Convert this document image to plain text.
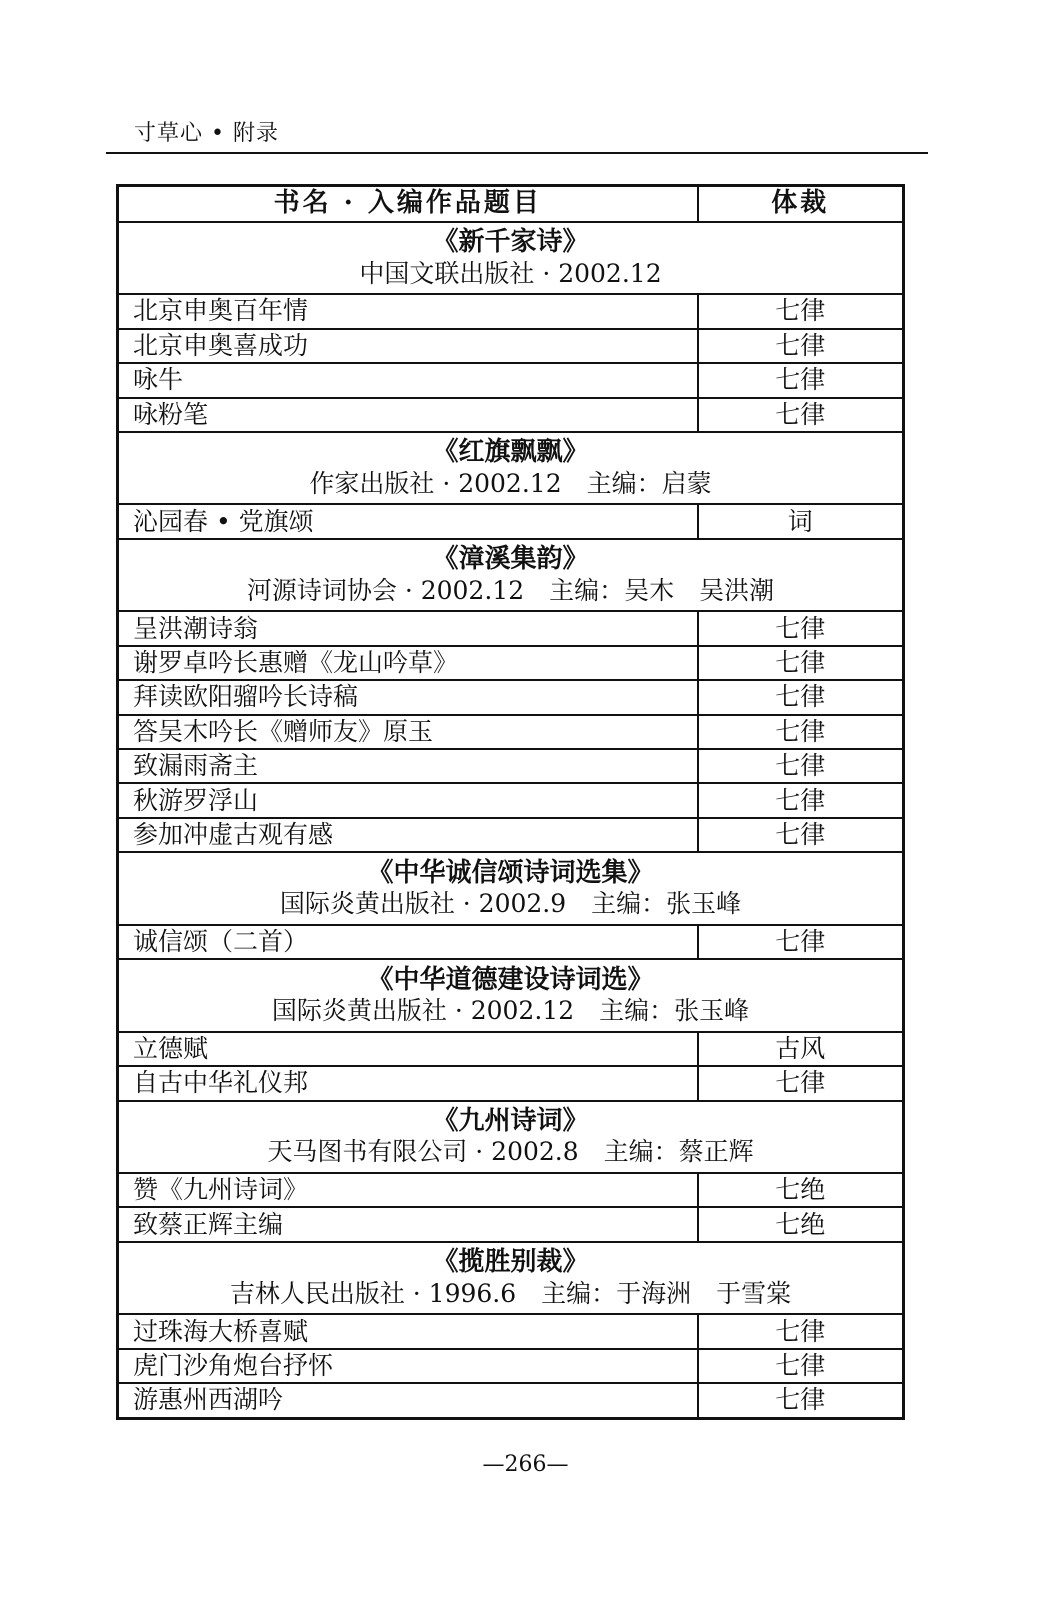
寸草心 • 附录
书名 · 入编作品题目	体裁

《新千家诗》
中国文联出版社 · 2002.12	

北京申奥百年情	七律
北京申奥喜成功	七律
咏牛	七律
咏粉笔	七律

《红旗飘飘》
作家出版社 · 2002.12　主编：启蒙	

沁园春 • 党旗颂	词

《漳溪集韵》
河源诗词协会 · 2002.12　主编：吴木　吴洪潮	

呈洪潮诗翁	七律
谢罗卓吟长惠赠《龙山吟草》	七律
拜读欧阳骝吟长诗稿	七律
答吴木吟长《赠师友》原玉	七律
致漏雨斋主	七律
秋游罗浮山	七律
参加冲虚古观有感	七律

《中华诚信颂诗词选集》
国际炎黄出版社 · 2002.9　主编：张玉峰	

诚信颂（二首）	七律

《中华道德建设诗词选》
国际炎黄出版社 · 2002.12　主编：张玉峰	

立德赋	古风
自古中华礼仪邦	七律

《九州诗词》
天马图书有限公司 · 2002.8　主编：蔡正辉	

赞《九州诗词》	七绝
致蔡正辉主编	七绝

《揽胜别裁》
吉林人民出版社 · 1996.6　主编：于海洲　于雪棠	

过珠海大桥喜赋	七律
虎门沙角炮台抒怀	七律
游惠州西湖吟	七律
—266—
